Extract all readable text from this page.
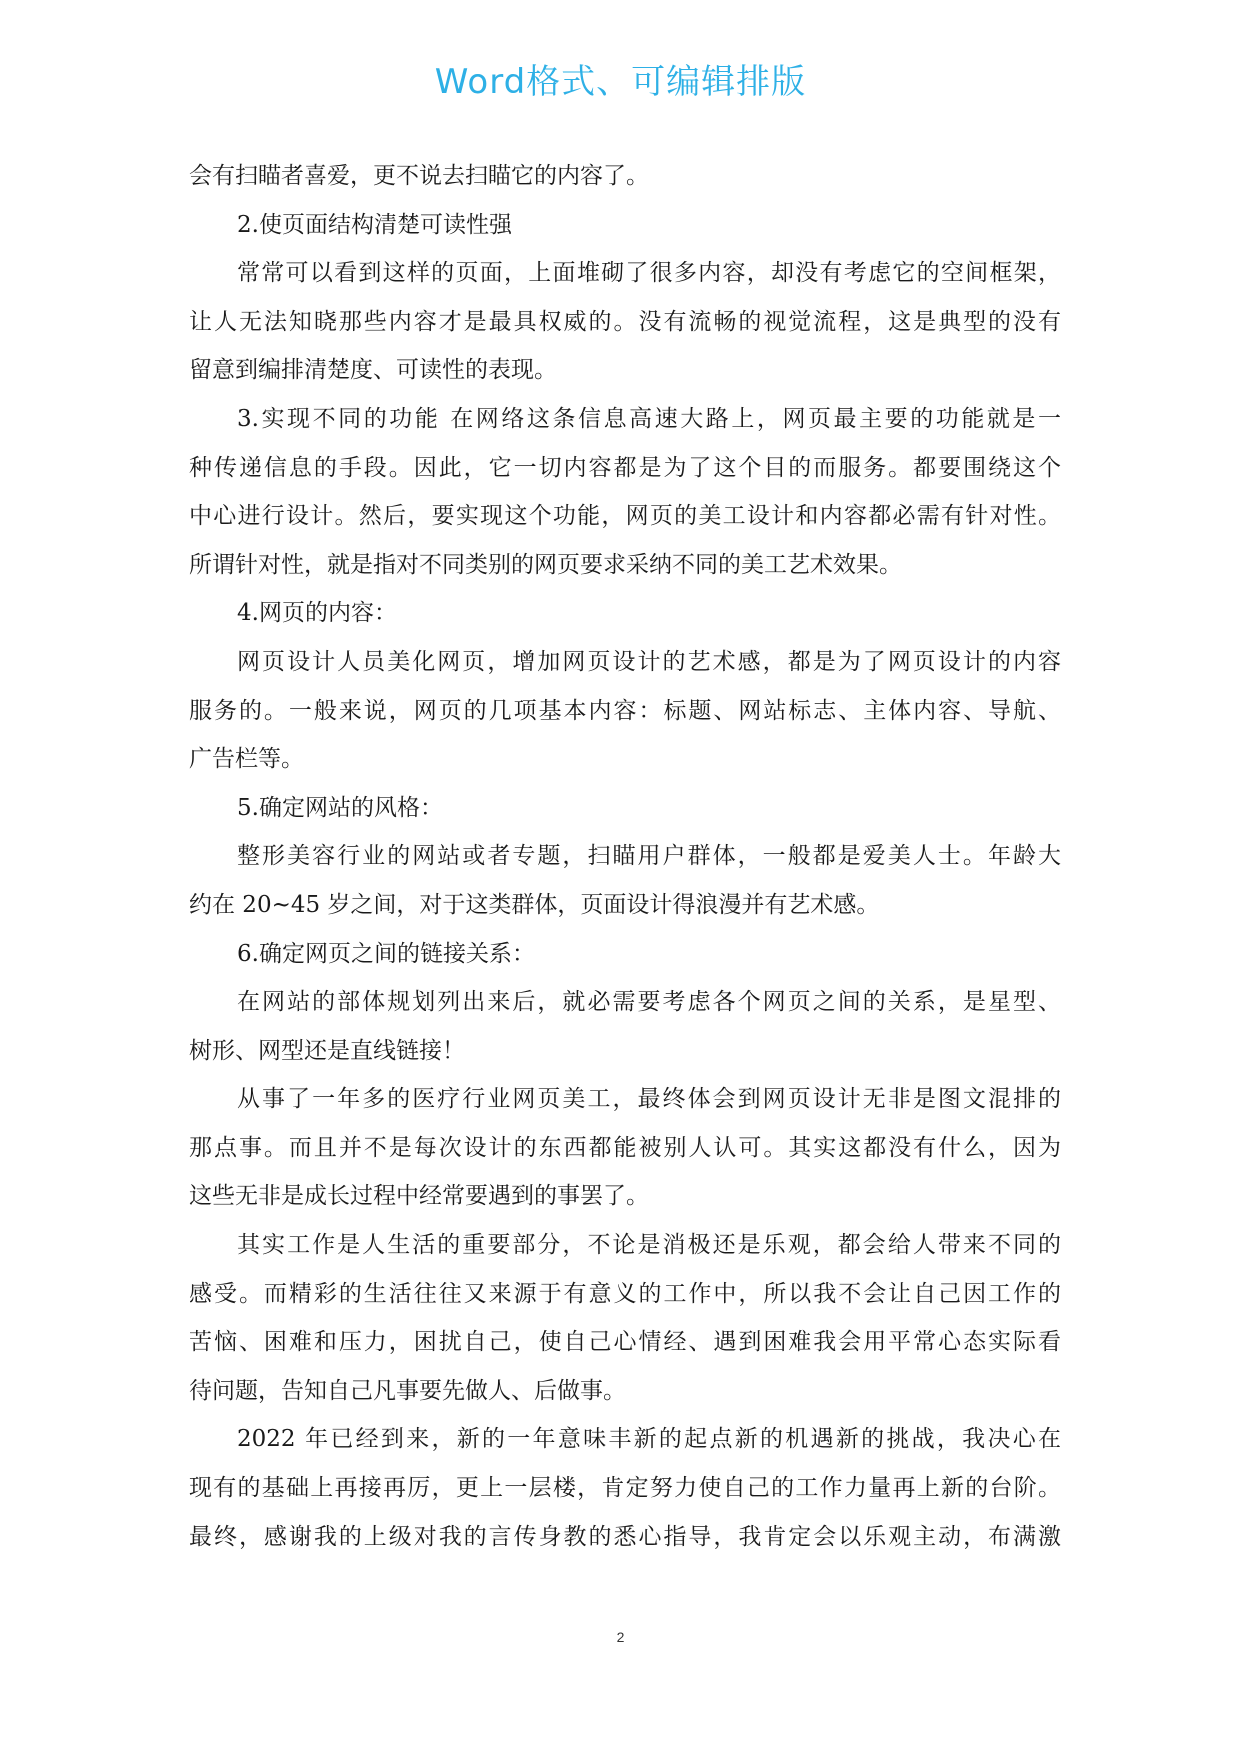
Word格式、可编辑排版
会有扫瞄者喜爱，更不说去扫瞄它的内容了。
2.使页面结构清楚可读性强
常常可以看到这样的页面，上面堆砌了很多内容，却没有考虑它的空间框架，
让人无法知晓那些内容才是最具权威的。没有流畅的视觉流程，这是典型的没有
留意到编排清楚度、可读性的表现。
3.实现不同的功能 在网络这条信息高速大路上，网页最主要的功能就是一
种传递信息的手段。因此，它一切内容都是为了这个目的而服务。都要围绕这个
中心进行设计。然后，要实现这个功能，网页的美工设计和内容都必需有针对性。
所谓针对性，就是指对不同类别的网页要求采纳不同的美工艺术效果。
4.网页的内容：
网页设计人员美化网页，增加网页设计的艺术感，都是为了网页设计的内容
服务的。一般来说，网页的几项基本内容：标题、网站标志、主体内容、导航、
广告栏等。
5.确定网站的风格：
整形美容行业的网站或者专题，扫瞄用户群体，一般都是爱美人士。年龄大
约在 20~45 岁之间，对于这类群体，页面设计得浪漫并有艺术感。
6.确定网页之间的链接关系：
在网站的部体规划列出来后，就必需要考虑各个网页之间的关系，是星型、
树形、网型还是直线链接！
从事了一年多的医疗行业网页美工，最终体会到网页设计无非是图文混排的
那点事。而且并不是每次设计的东西都能被别人认可。其实这都没有什么，因为
这些无非是成长过程中经常要遇到的事罢了。
其实工作是人生活的重要部分，不论是消极还是乐观，都会给人带来不同的
感受。而精彩的生活往往又来源于有意义的工作中，所以我不会让自己因工作的
苦恼、困难和压力，困扰自己，使自己心情经、遇到困难我会用平常心态实际看
待问题，告知自己凡事要先做人、后做事。
2022 年已经到来，新的一年意味丰新的起点新的机遇新的挑战，我决心在
现有的基础上再接再厉，更上一层楼，肯定努力使自己的工作力量再上新的台阶。
最终，感谢我的上级对我的言传身教的悉心指导，我肯定会以乐观主动，布满激
2
